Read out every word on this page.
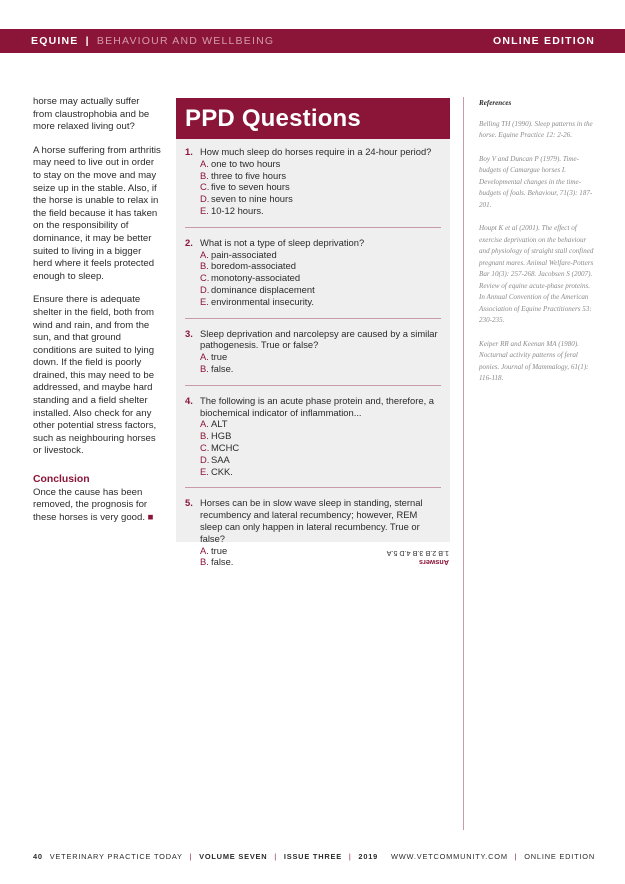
EQUINE | BEHAVIOUR AND WELLBEING	ONLINE EDITION

horse may actually suffer from claustrophobia and be more relaxed living out?

A horse suffering from arthritis may need to live out in order to stay on the move and may seize up in the stable. Also, if the horse is unable to relax in the field because it has taken on the responsibility of dominance, it may be better suited to living in a bigger herd where it feels protected enough to sleep.

Ensure there is adequate shelter in the field, both from wind and rain, and from the sun, and that ground conditions are suited to lying down. If the field is poorly drained, this may need to be addressed, and maybe hard standing and a field shelter installed. Also check for any other potential stress factors, such as neighbouring horses or livestock.

Conclusion

Once the cause has been removed, the prognosis for these horses is very good. ■

PPD Questions
1. How much sleep do horses require in a 24-hour period?
A. one to two hours
B. three to five hours
C. five to seven hours
D. seven to nine hours
E. 10-12 hours.
2. What is not a type of sleep deprivation?
A. pain-associated
B. boredom-associated
C. monotony-associated
D. dominance displacement
E. environmental insecurity.
3. Sleep deprivation and narcolepsy are caused by a similar pathogenesis. True or false?
A. true
B. false.
4. The following is an acute phase protein and, therefore, a biochemical indicator of inflammation...
A. ALT
B. HGB
C. MCHC
D. SAA
E. CKK.
5. Horses can be in slow wave sleep in standing, sternal recumbency and lateral recumbency; however, REM sleep can only happen in lateral recumbency. True or false?
A. true
B. false.	Answers
1.B 2.B 3.B 4.D 5.A
References

Belling TH (1990). Sleep patterns in the horse. Equine Practice 12: 2-26.

Boy V and Duncan P (1979). Time-budgets of Camargue horses I. Developmental changes in the time-budgets of foals. Behaviour, 71(3): 187-201.

Houpt K et al (2001). The effect of exercise deprivation on the behaviour and physiology of straight stall confined pregnant mares. Animal Welfare-Potters Bar 10(3): 257-268. Jacobsen S (2007). Review of equine acute-phase proteins. In Annual Convention of the American Association of Equine Practitioners 53: 230-235.

Keiper RR and Keenan MA (1980). Nocturnal activity patterns of feral ponies. Journal of Mammalogy, 61(1): 116-118.

40 VETERINARY PRACTICE TODAY | VOLUME SEVEN | ISSUE THREE | 2019 WWW.VETCOMMUNITY.COM | ONLINE EDITION
